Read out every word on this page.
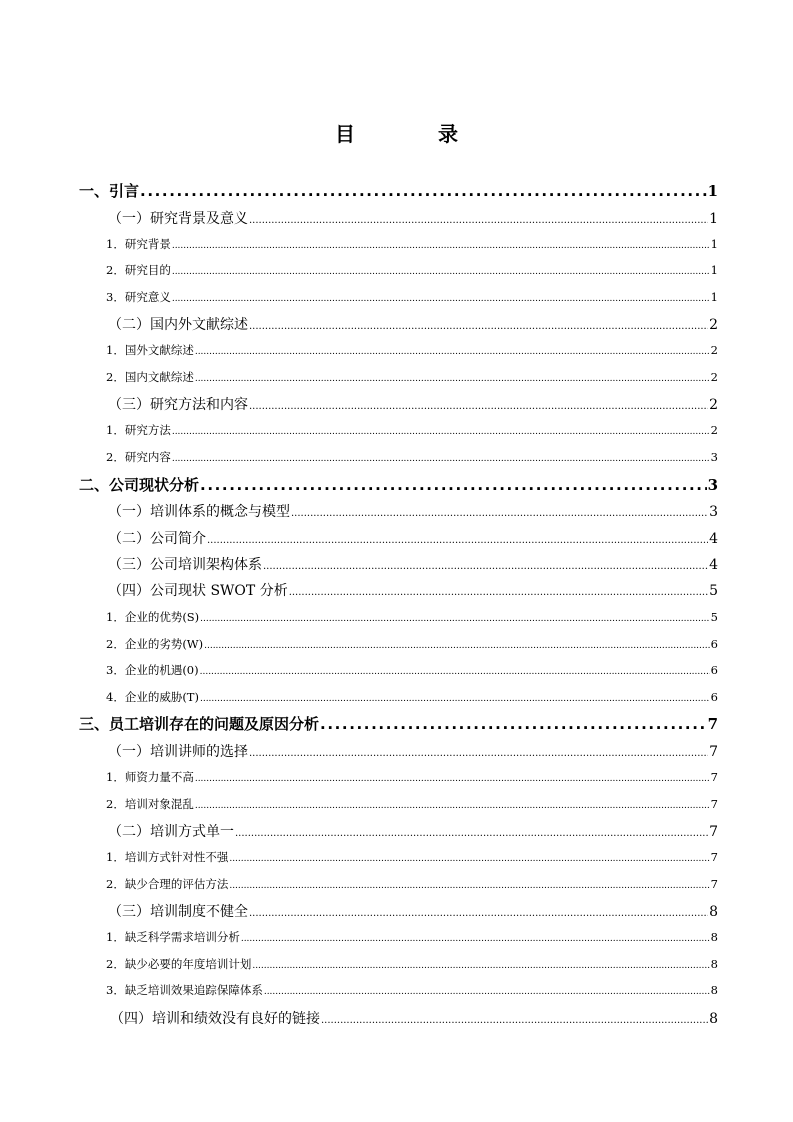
目 录
一、引言 .....	1
（一）研究背景及意义 .....	1
1．研究背景 .....	1
2．研究目的 .....	1
3．研究意义 .....	1
（二）国内外文献综述 .....	2
1．国外文献综述 .....	2
2．国内文献综述 .....	2
（三）研究方法和内容 .....	2
1．研究方法 .....	2
2．研究内容 .....	3
二、公司现状分析 .....	3
（一）培训体系的概念与模型 .....	3
（二）公司简介 .....	4
（三）公司培训架构体系 .....	4
（四）公司现状 SWOT 分析 .....	5
1．企业的优势(S) .....	5
2．企业的劣势(W) .....	6
3．企业的机遇(0) .....	6
4．企业的威胁(T) .....	6
三、员工培训存在的问题及原因分析 .....	7
（一）培训讲师的选择 .....	7
1．师资力量不高 .....	7
2．培训对象混乱 .....	7
（二）培训方式单一 .....	7
1．培训方式针对性不强 .....	7
2．缺少合理的评估方法 .....	7
（三）培训制度不健全 .....	8
1．缺乏科学需求培训分析 .....	8
2．缺少必要的年度培训计划 .....	8
3．缺乏培训效果追踪保障体系 .....	8
（四）培训和绩效没有良好的链接 .....	8
